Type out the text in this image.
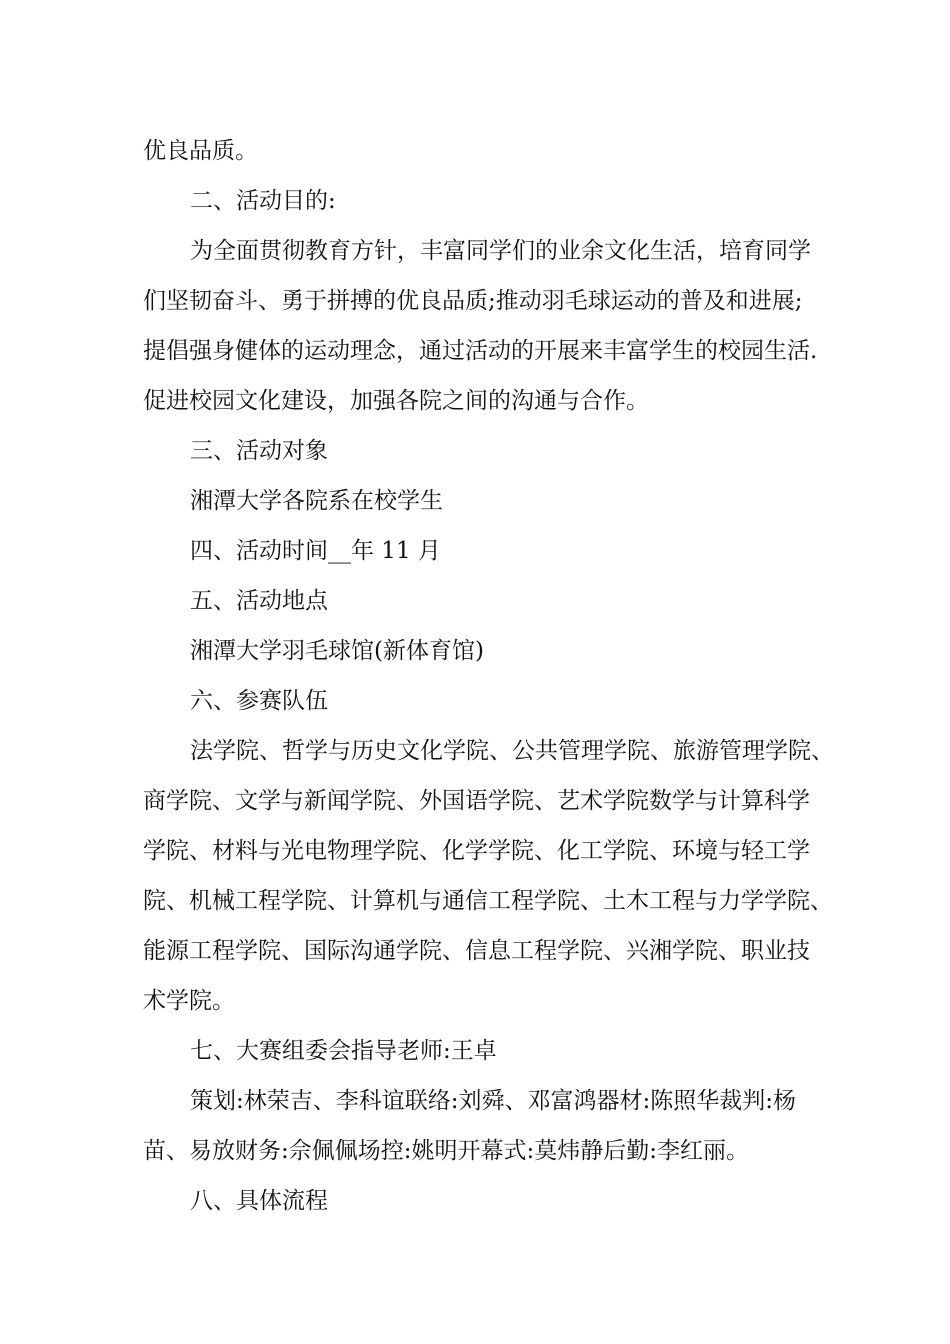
优良品质。
二、活动目的:
为全面贯彻教育方针，丰富同学们的业余文化生活，培育同学
们坚韧奋斗、勇于拼搏的优良品质;推动羽毛球运动的普及和进展;
提倡强身健体的运动理念，通过活动的开展来丰富学生的校园生活.
促进校园文化建设，加强各院之间的沟通与合作。
三、活动对象
湘潭大学各院系在校学生
四、活动时间__年 11 月
五、活动地点
湘潭大学羽毛球馆(新体育馆)
六、参赛队伍
法学院、哲学与历史文化学院、公共管理学院、旅游管理学院、
商学院、文学与新闻学院、外国语学院、艺术学院数学与计算科学
学院、材料与光电物理学院、化学学院、化工学院、环境与轻工学
院、机械工程学院、计算机与通信工程学院、土木工程与力学学院、
能源工程学院、国际沟通学院、信息工程学院、兴湘学院、职业技
术学院。
七、大赛组委会指导老师:王卓
策划:林荣吉、李科谊联络:刘舜、邓富鸿器材:陈照华裁判:杨
苗、易放财务:佘佩佩场控:姚明开幕式:莫炜静后勤:李红丽。
八、具体流程
